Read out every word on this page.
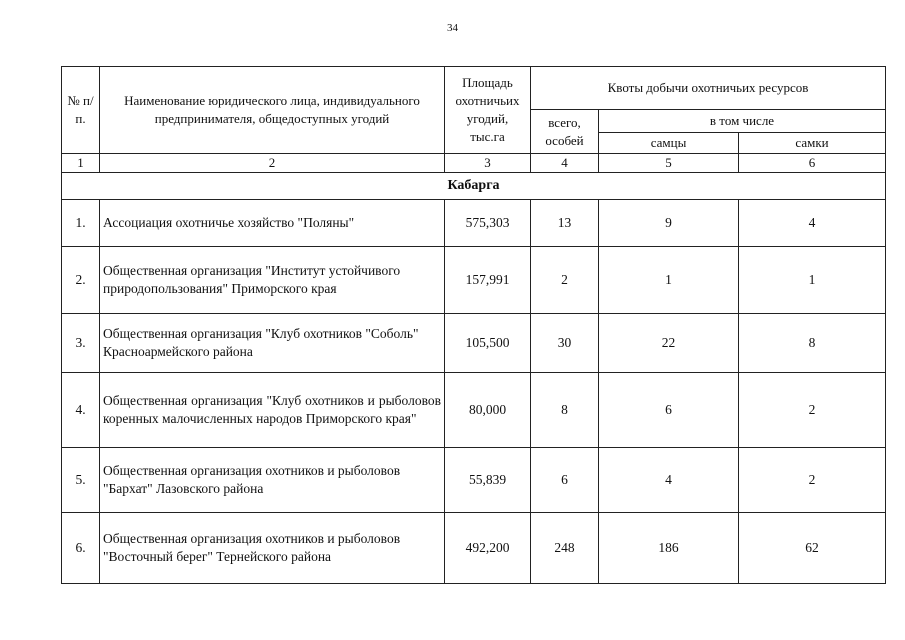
34
№ п/п.	Наименование юридического лица, индивидуального предпринимателя, общедоступных угодий	Площадь охотничьих угодий, тыс.га	Квоты добычи охотничьих ресурсов		
			всего, особей	в том числе	
				самцы	самки
1	2	3	4	5	6
Кабарга					
1.	Ассоциация охотничье хозяйство "Поляны"	575,303	13	9	4
2.	Общественная организация "Институт устойчивого природопользования" Приморского края	157,991	2	1	1
3.	Общественная организация "Клуб охотников "Соболь" Красноармейского района	105,500	30	22	8
4.	Общественная организация "Клуб охотников и рыболовов коренных малочисленных народов Приморского края"	80,000	8	6	2
5.	Общественная организация охотников и рыболовов "Бархат" Лазовского района	55,839	6	4	2
6.	Общественная организация охотников и рыболовов "Восточный берег" Тернейского района	492,200	248	186	62
